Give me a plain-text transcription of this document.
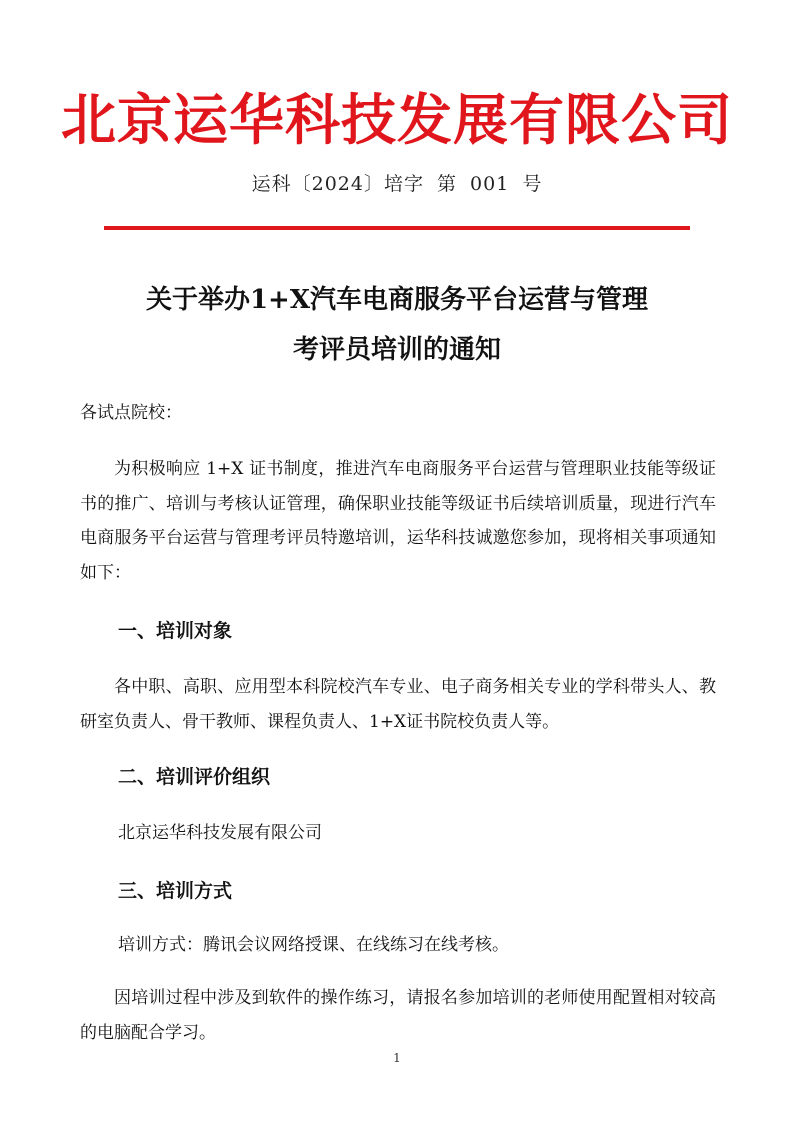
北京运华科技发展有限公司
运科〔2024〕培字 第 001 号
关于举办1+X汽车电商服务平台运营与管理
考评员培训的通知
各试点院校：

为积极响应 1+X 证书制度，推进汽车电商服务平台运营与管理职业技能等级证书的推广、培训与考核认证管理，确保职业技能等级证书后续培训质量，现进行汽车电商服务平台运营与管理考评员特邀培训，运华科技诚邀您参加，现将相关事项通知如下：

一、培训对象

各中职、高职、应用型本科院校汽车专业、电子商务相关专业的学科带头人、教研室负责人、骨干教师、课程负责人、1+X证书院校负责人等。

二、培训评价组织
北京运华科技发展有限公司
三、培训方式
培训方式：腾讯会议网络授课、在线练习在线考核。

因培训过程中涉及到软件的操作练习，请报名参加培训的老师使用配置相对较高的电脑配合学习。

1
